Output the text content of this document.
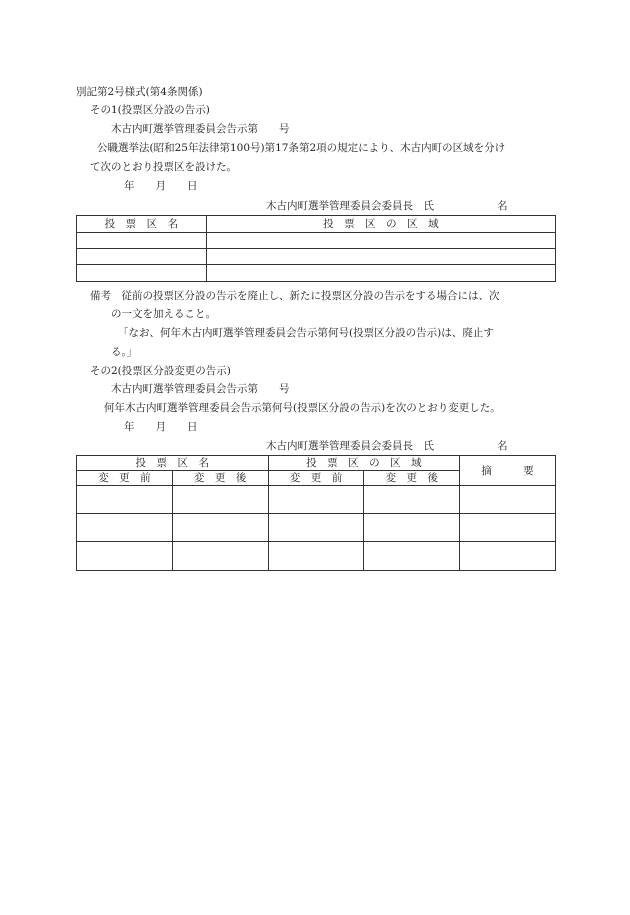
別記第2号様式(第4条関係)
その1(投票区分設の告示)
木古内町選挙管理委員会告示第　　号
公職選挙法(昭和25年法律第100号)第17条第2項の規定により、木古内町の区域を分け
て次のとおり投票区を設けた。
年　　月　　日
木古内町選挙管理委員会委員長　氏　　　　　　名
投　票　区　名	投　票　区　の　区　域

備考　従前の投票区分設の告示を廃止し、新たに投票区分設の告示をする場合には、次
の一文を加えること。
「なお、何年木古内町選挙管理委員会告示第何号(投票区分設の告示)は、廃止す
る。」
その2(投票区分設変更の告示)
木古内町選挙管理委員会告示第　　号
何年木古内町選挙管理委員会告示第何号(投票区分設の告示)を次のとおり変更した。
年　　月　　日
木古内町選挙管理委員会委員長　氏　　　　　　名
投　票　区　名		投　票　区　の　区　域		摘　　　要
変　更　前	変　更　後	変　更　前	変　更　後	
